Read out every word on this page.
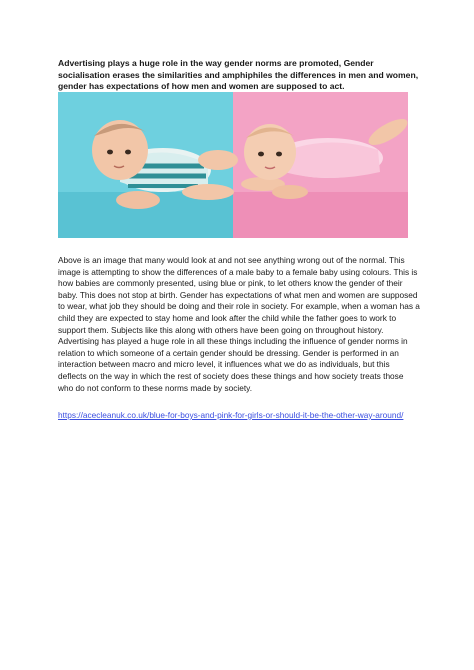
Advertising plays a huge role in the way gender norms are promoted, Gender socialisation erases the similarities and amphiphiles the differences in men and women, gender has expectations of how men and women are supposed to act.

Above is an image that many would look at and not see anything wrong out of the normal. This image is attempting to show the differences of a male baby to a female baby using colours. This is how babies are commonly presented, using blue or pink, to let others know the gender of their baby. This does not stop at birth. Gender has expectations of what men and women are supposed to wear, what job they should be doing and their role in society. For example, when a woman has a child they are expected to stay home and look after the child while the father goes to work to support them. Subjects like this along with others have been going on throughout history. Advertising has played a huge role in all these things including the influence of gender norms in relation to which someone of a certain gender should be dressing. Gender is performed in an interaction between macro and micro level, it influences what we do as individuals, but this deflects on the way in which the rest of society does these things and how society treats those who do not conform to these norms made by society.

https://acecleanuk.co.uk/blue-for-boys-and-pink-for-girls-or-should-it-be-the-other-way-around/
